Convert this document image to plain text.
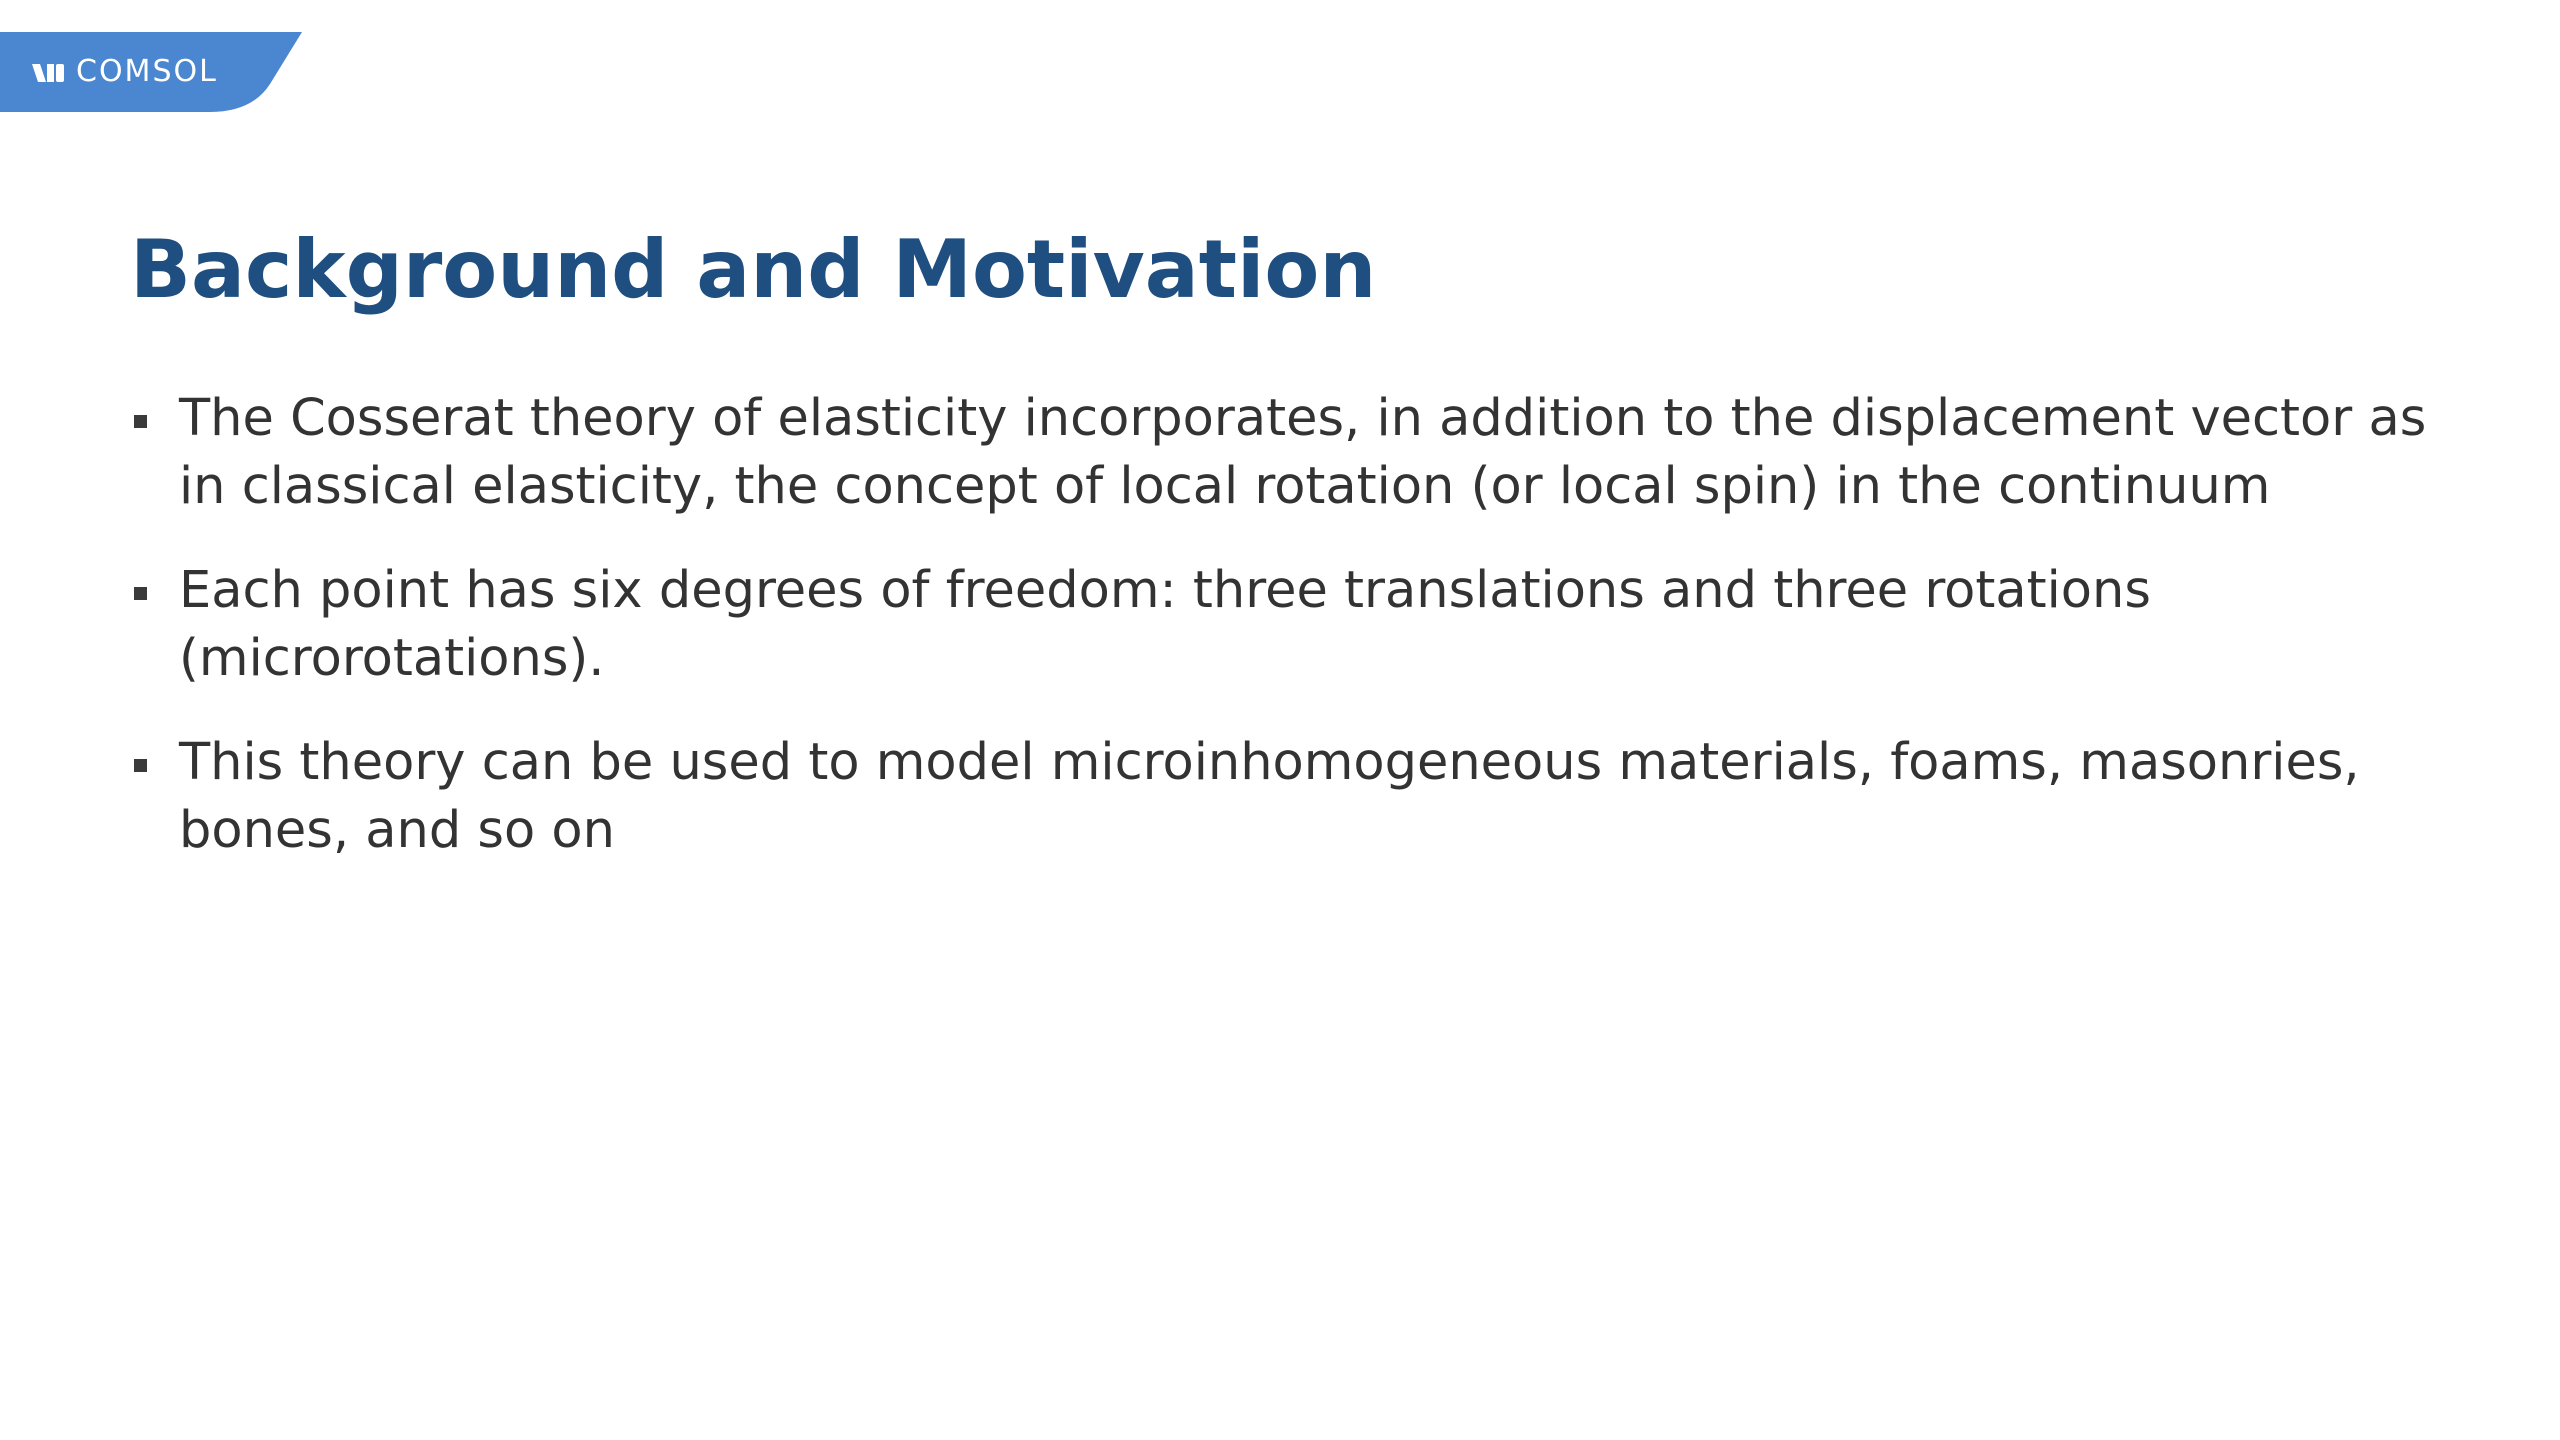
COMSOL
Background and Motivation
The Cosserat theory of elasticity incorporates, in addition to the displacement vector as in classical elasticity, the concept of local rotation (or local spin) in the continuum
Each point has six degrees of freedom: three translations and three rotations (microrotations).
This theory can be used to model microinhomogeneous materials, foams, masonries, bones, and so on
